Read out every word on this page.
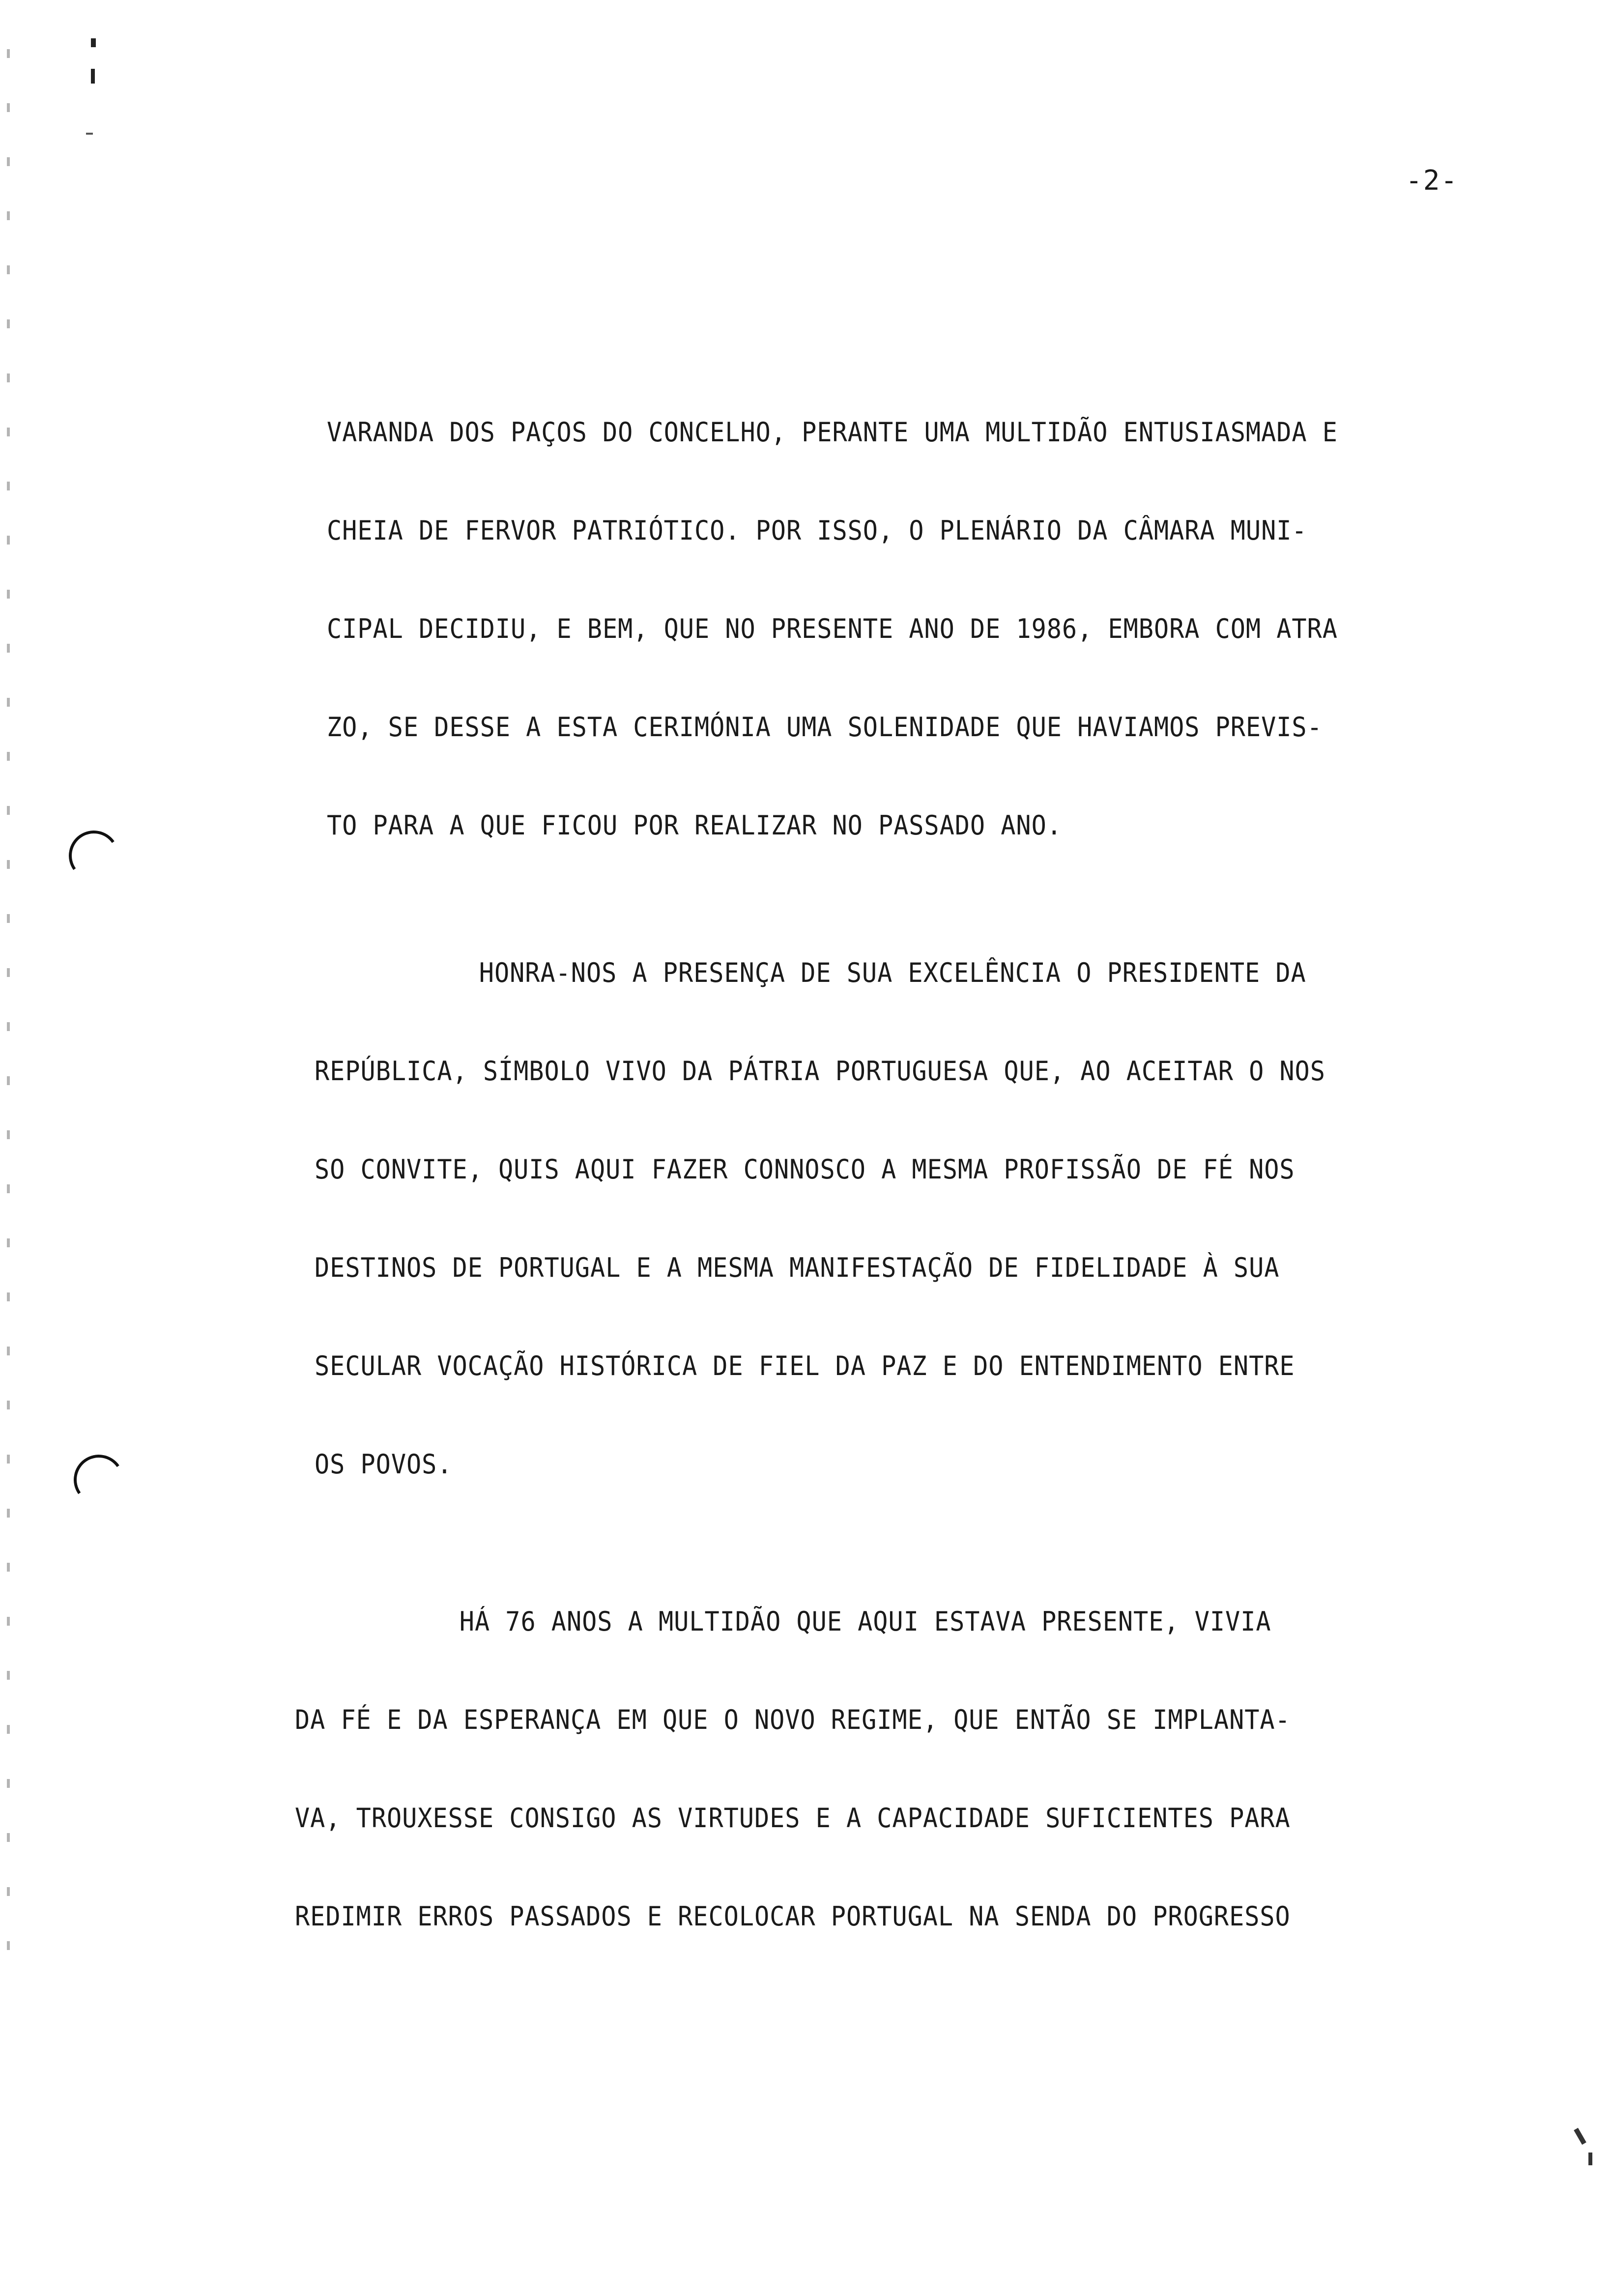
-2-
VARANDA DOS PAÇOS DO CONCELHO, PERANTE UMA MULTIDÃO ENTUSIASMADA E
CHEIA DE FERVOR PATRIÓTICO. POR ISSO, O PLENÁRIO DA CÂMARA MUNI-
CIPAL DECIDIU, E BEM, QUE NO PRESENTE ANO DE 1986, EMBORA COM ATRA
ZO, SE DESSE A ESTA CERIMÓNIA UMA SOLENIDADE QUE HAVIAMOS PREVIS-
TO PARA A QUE FICOU POR REALIZAR NO PASSADO ANO.
HONRA-NOS A PRESENÇA DE SUA EXCELÊNCIA O PRESIDENTE DA
REPÚBLICA, SÍMBOLO VIVO DA PÁTRIA PORTUGUESA QUE, AO ACEITAR O NOS
SO CONVITE, QUIS AQUI FAZER CONNOSCO A MESMA PROFISSÃO DE FÉ NOS
DESTINOS DE PORTUGAL E A MESMA MANIFESTAÇÃO DE FIDELIDADE À SUA
SECULAR VOCAÇÃO HISTÓRICA DE FIEL DA PAZ E DO ENTENDIMENTO ENTRE
OS POVOS.
HÁ 76 ANOS A MULTIDÃO QUE AQUI ESTAVA PRESENTE, VIVIA
DA FÉ E DA ESPERANÇA EM QUE O NOVO REGIME, QUE ENTÃO SE IMPLANTA-
VA, TROUXESSE CONSIGO AS VIRTUDES E A CAPACIDADE SUFICIENTES PARA
REDIMIR ERROS PASSADOS E RECOLOCAR PORTUGAL NA SENDA DO PROGRESSO
